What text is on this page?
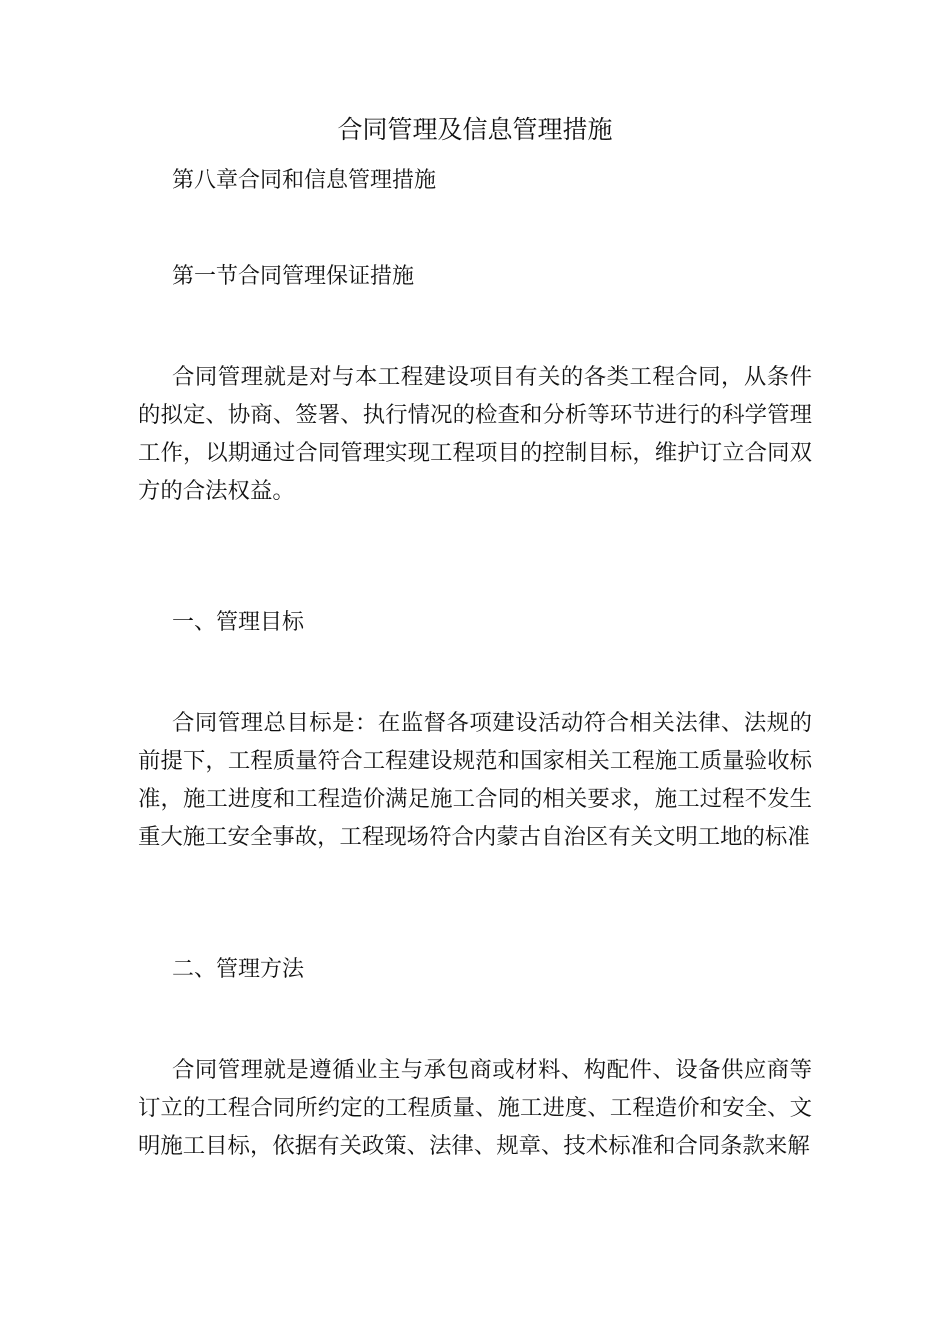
合同管理及信息管理措施
第八章合同和信息管理措施
第一节合同管理保证措施

合同管理就是对与本工程建设项目有关的各类工程合同，从条件的拟定、协商、签署、执行情况的检查和分析等环节进行的科学管理工作，以期通过合同管理实现工程项目的控制目标，维护订立合同双方的合法权益。

一、管理目标

合同管理总目标是：在监督各项建设活动符合相关法律、法规的前提下，工程质量符合工程建设规范和国家相关工程施工质量验收标准，施工进度和工程造价满足施工合同的相关要求，施工过程不发生重大施工安全事故，工程现场符合内蒙古自治区有关文明工地的标准

二、管理方法

合同管理就是遵循业主与承包商或材料、构配件、设备供应商等订立的工程合同所约定的工程质量、施工进度、工程造价和安全、文明施工目标，依据有关政策、法律、规章、技术标准和合同条款来解
